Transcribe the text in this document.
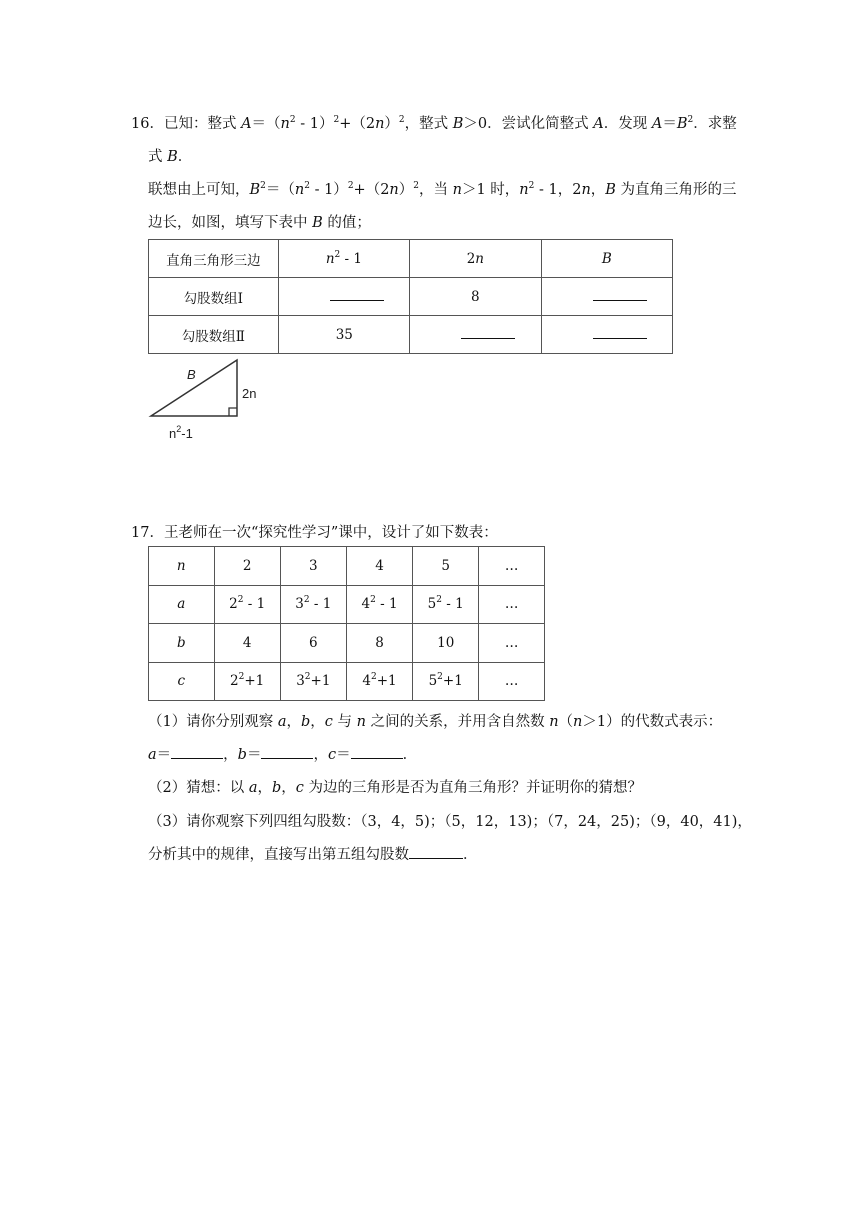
16．已知：整式 $A=(n^2 - 1)^2+(2n)^2$，整式 B＞0．尝试化简整式 A．发现 $A=B^2$．求整
式 B．
联想由上可知，$B^2=(n^2 - 1)^2+(2n)^2$，当 n＞1 时，$n^2 - 1$，2n，B 为直角三角形的三
边长，如图，填写下表中 B 的值；
直角三角形三边	$n^2 - 1$	2n	B
勾股数组Ⅰ		8	
勾股数组Ⅱ	35		
B
2n
$n^2-1$
17．王老师在一次“探究性学习”课中，设计了如下数表：
n	2	3	4	5	…
a	$2^2 - 1$	$3^2 - 1$	$4^2 - 1$	$5^2 - 1$	…
b	4	6	8	10	…
c	$2^2+1$	$3^2+1$	$4^2+1$	$5^2+1$	…
（1）请你分别观察 a，b，c 与 n 之间的关系，并用含自然数 n（n＞1）的代数式表示：
a＝	，b＝	，c＝	．
（2）猜想：以 a，b，c 为边的三角形是否为直角三角形？并证明你的猜想？
（3）请你观察下列四组勾股数：（3，4，5)；（5，12，13)；（7，24，25)；（9，40，41)，
分析其中的规律，直接写出第五组勾股数	．
